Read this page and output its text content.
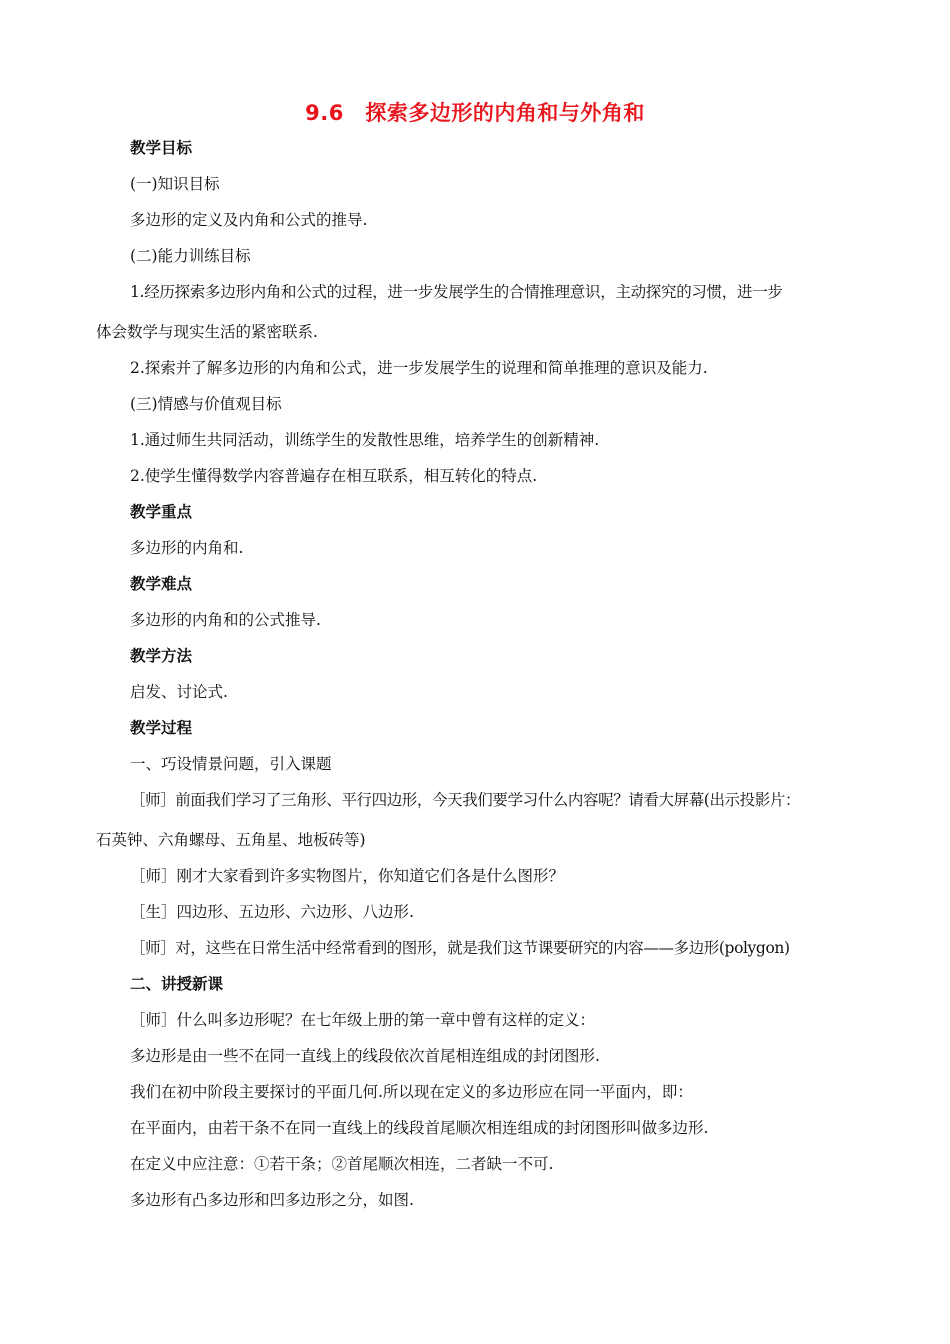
9.6　探索多边形的内角和与外角和
教学目标
(一)知识目标
多边形的定义及内角和公式的推导.
(二)能力训练目标
1.经历探索多边形内角和公式的过程，进一步发展学生的合情推理意识，主动探究的习惯，进一步
体会数学与现实生活的紧密联系.
2.探索并了解多边形的内角和公式，进一步发展学生的说理和简单推理的意识及能力.
(三)情感与价值观目标
1.通过师生共同活动，训练学生的发散性思维，培养学生的创新精神.
2.使学生懂得数学内容普遍存在相互联系，相互转化的特点.
教学重点
多边形的内角和.
教学难点
多边形的内角和的公式推导.
教学方法
启发、讨论式.
教学过程
一、巧设情景问题，引入课题
［师］前面我们学习了三角形、平行四边形，今天我们要学习什么内容呢？请看大屏幕(出示投影片：
石英钟、六角螺母、五角星、地板砖等)
［师］刚才大家看到许多实物图片，你知道它们各是什么图形？
［生］四边形、五边形、六边形、八边形.
［师］对，这些在日常生活中经常看到的图形，就是我们这节课要研究的内容——多边形(polygon)
二、讲授新课
［师］什么叫多边形呢？在七年级上册的第一章中曾有这样的定义：
多边形是由一些不在同一直线上的线段依次首尾相连组成的封闭图形.
我们在初中阶段主要探讨的平面几何.所以现在定义的多边形应在同一平面内，即：
在平面内，由若干条不在同一直线上的线段首尾顺次相连组成的封闭图形叫做多边形.
在定义中应注意：①若干条；②首尾顺次相连，二者缺一不可.
多边形有凸多边形和凹多边形之分，如图.
